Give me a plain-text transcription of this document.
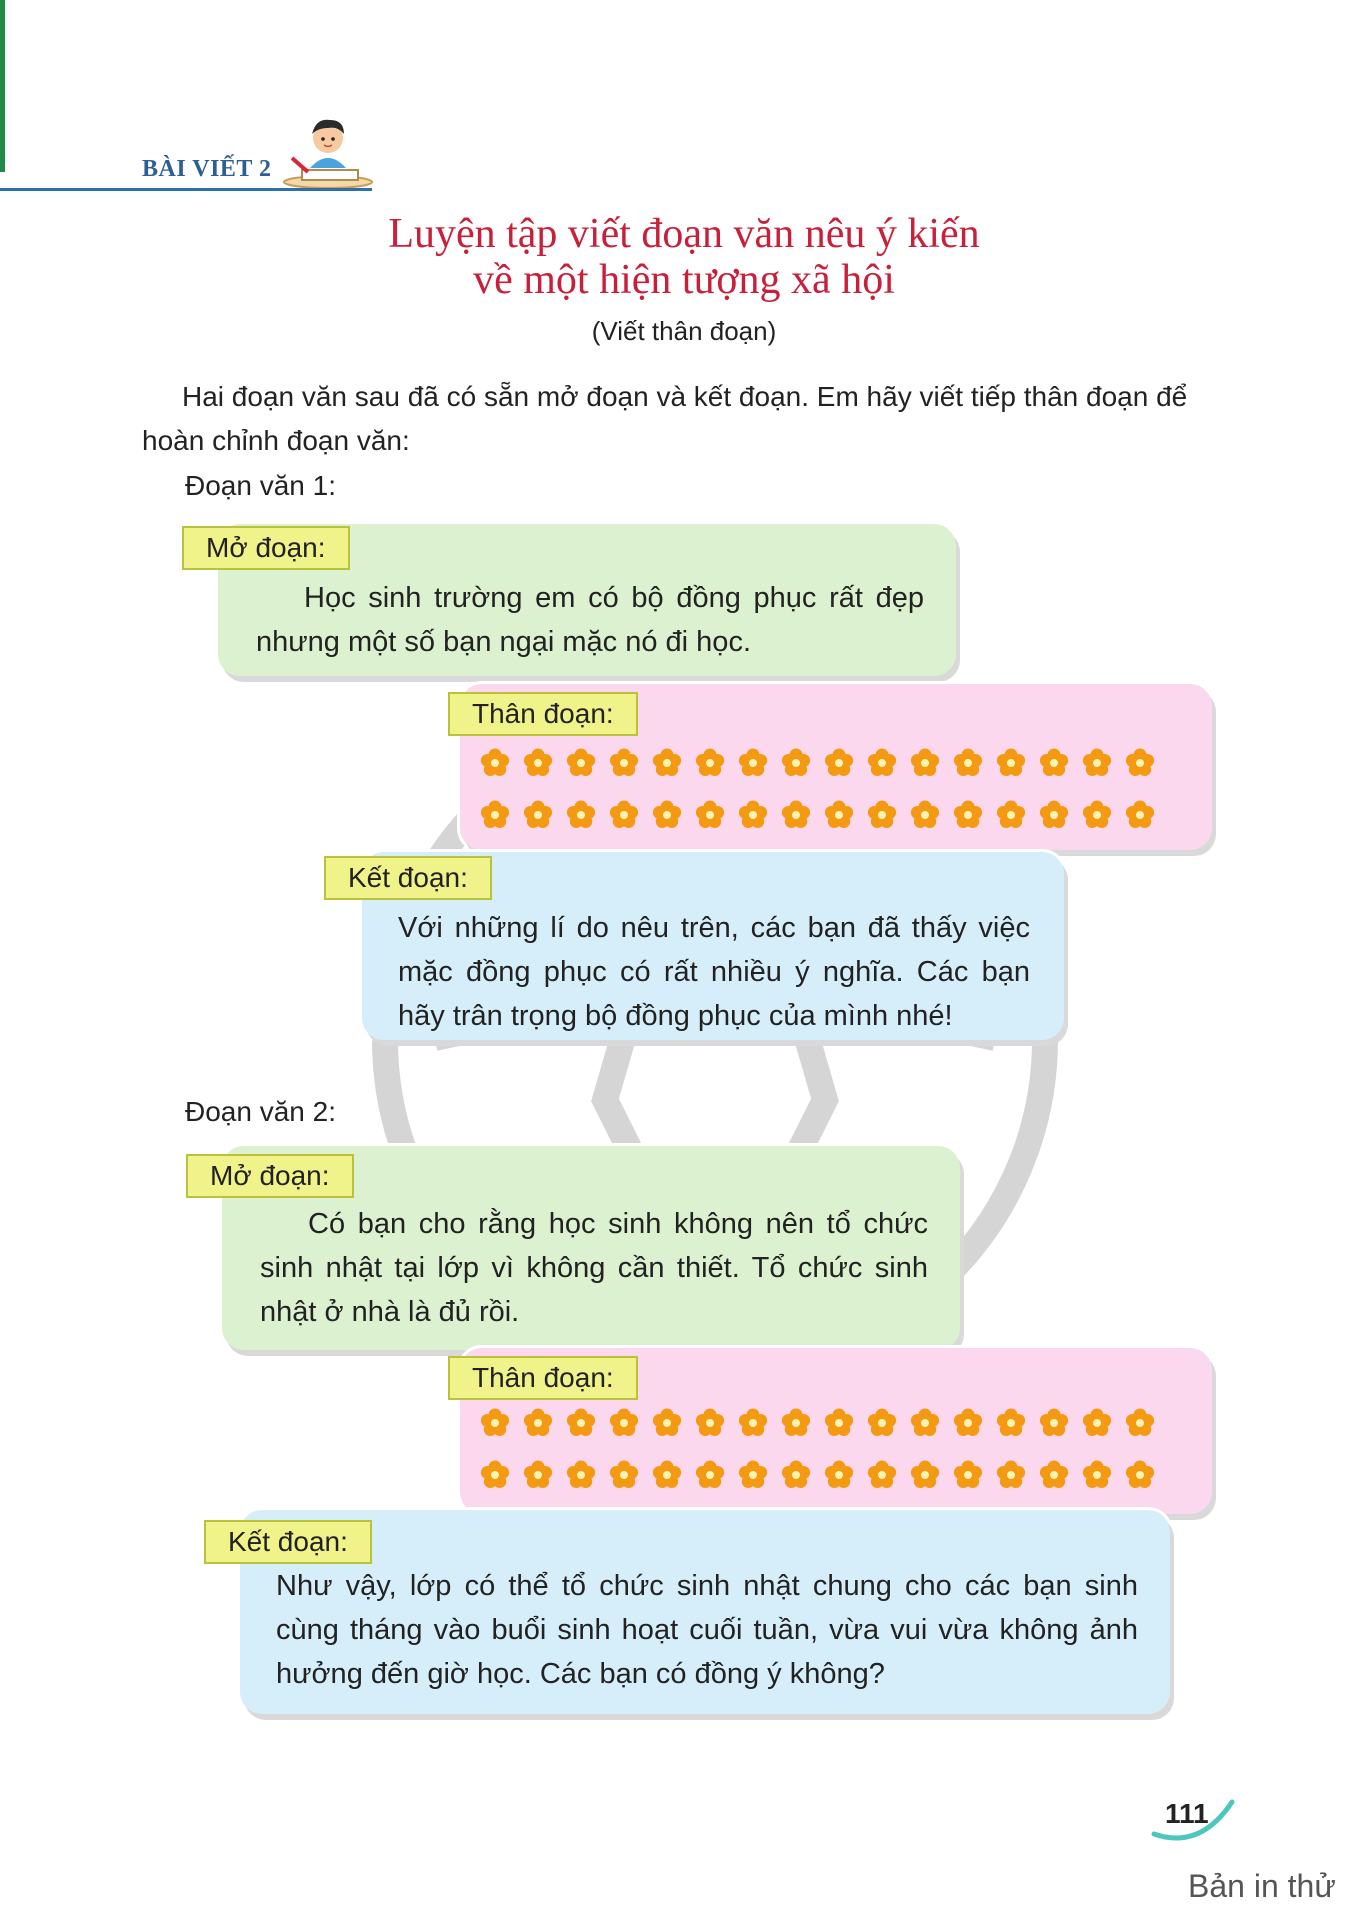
BÀI VIẾT 2
Luyện tập viết đoạn văn nêu ý kiến
về một hiện tượng xã hội
(Viết thân đoạn)
Hai đoạn văn sau đã có sẵn mở đoạn và kết đoạn. Em hãy viết tiếp thân đoạn để
hoàn chỉnh đoạn văn:
Đoạn văn 1:
Học sinh trường em có bộ đồng phục rất đẹp nhưng một số bạn ngại mặc nó đi học.
Mở đoạn:
Thân đoạn:
Với những lí do nêu trên, các bạn đã thấy việc mặc đồng phục có rất nhiều ý nghĩa. Các bạn hãy trân trọng bộ đồng phục của mình nhé!
Kết đoạn:
Đoạn văn 2:
Có bạn cho rằng học sinh không nên tổ chức sinh nhật tại lớp vì không cần thiết. Tổ chức sinh nhật ở nhà là đủ rồi.
Mở đoạn:
Thân đoạn:
Như vậy, lớp có thể tổ chức sinh nhật chung cho các bạn sinh cùng tháng vào buổi sinh hoạt cuối tuần, vừa vui vừa không ảnh hưởng đến giờ học. Các bạn có đồng ý không?
Kết đoạn:
111
Bản in thử
